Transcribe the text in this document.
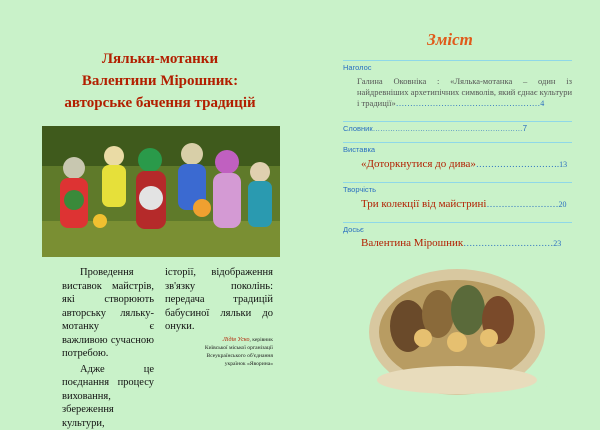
Ляльки-мотанки
Валентини Мірошник:
авторське бачення традицій

Проведення виставок майстрів, які створюють авторську ляльку-мотанку є важливою сучасною потребою.

Адже це поєднання процесу виховання, збереження культури,

історії, відображення зв'язку поколінь: передача традицій бабусиної ляльки до онуки.

Лідія Уско, керівник
Київської міської організації
Всеукраїнського об'єднання
українок «Яворина»
Зміст
Наголос
Галина Оковніка : «Лялька-мотанка – один із найдревніших архетипічних символів, який єднає культури і традиції»……………………………………………4
Словник……………………………………………………7
Виставка
«Доторкнутися до дива»……………………….13
Творчість
Три колекції від майстрині……………………20
Досьє
Валентина Мірошник…………………………23
